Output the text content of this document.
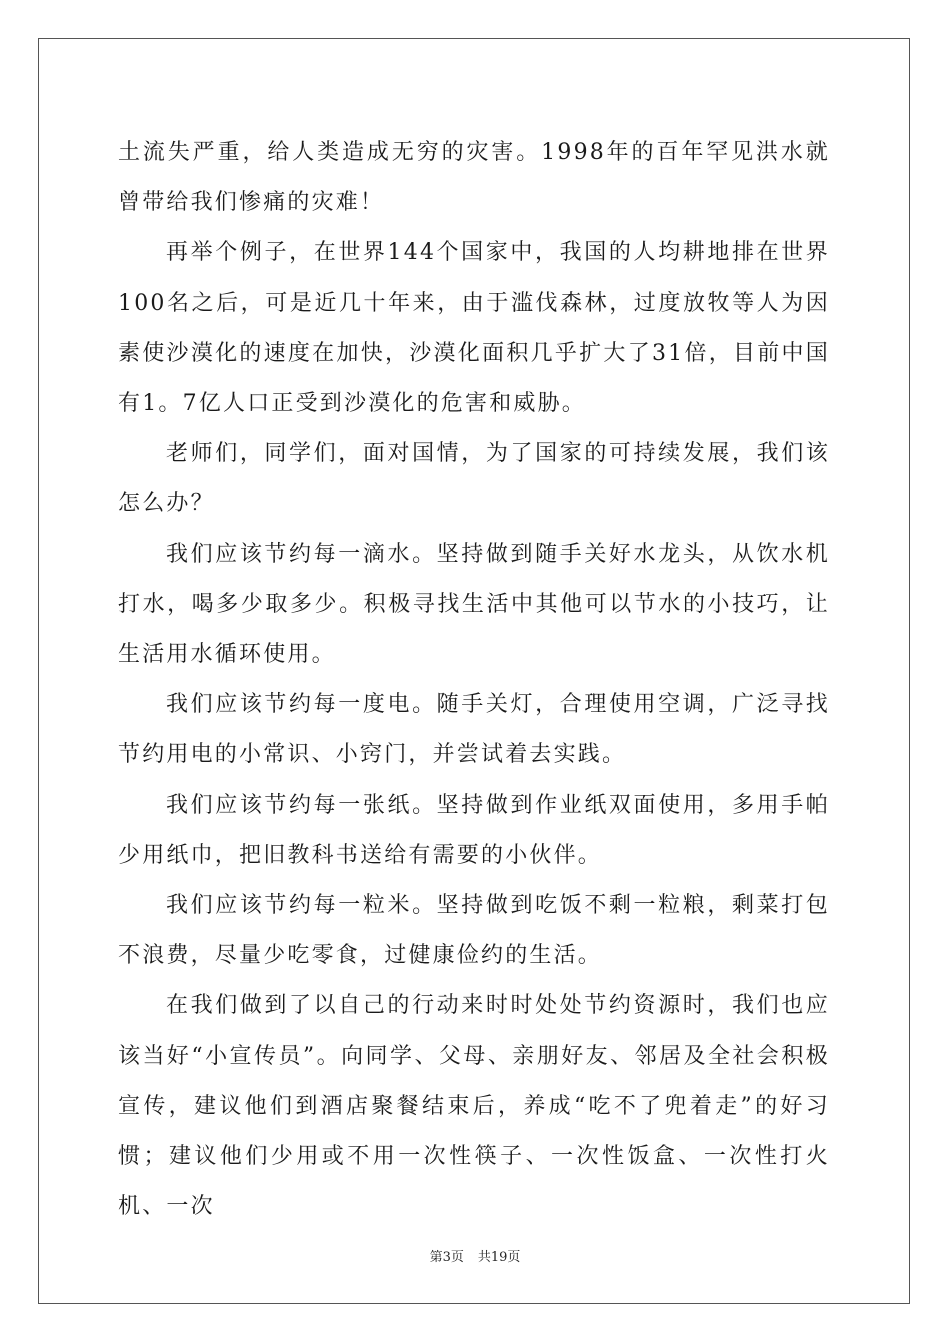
土流失严重，给人类造成无穷的灾害。1998年的百年罕见洪水就曾带给我们惨痛的灾难！

再举个例子，在世界144个国家中，我国的人均耕地排在世界100名之后，可是近几十年来，由于滥伐森林，过度放牧等人为因素使沙漠化的速度在加快，沙漠化面积几乎扩大了31倍，目前中国有1。7亿人口正受到沙漠化的危害和威胁。

老师们，同学们，面对国情，为了国家的可持续发展，我们该怎么办？

我们应该节约每一滴水。坚持做到随手关好水龙头，从饮水机打水，喝多少取多少。积极寻找生活中其他可以节水的小技巧，让生活用水循环使用。

我们应该节约每一度电。随手关灯，合理使用空调，广泛寻找节约用电的小常识、小窍门，并尝试着去实践。

我们应该节约每一张纸。坚持做到作业纸双面使用，多用手帕少用纸巾，把旧教科书送给有需要的小伙伴。

我们应该节约每一粒米。坚持做到吃饭不剩一粒粮，剩菜打包不浪费，尽量少吃零食，过健康俭约的生活。

在我们做到了以自己的行动来时时处处节约资源时，我们也应该当好“小宣传员”。向同学、父母、亲朋好友、邻居及全社会积极宣传，建议他们到酒店聚餐结束后，养成“吃不了兜着走”的好习惯；建议他们少用或不用一次性筷子、一次性饭盒、一次性打火机、一次

第3页 共19页
